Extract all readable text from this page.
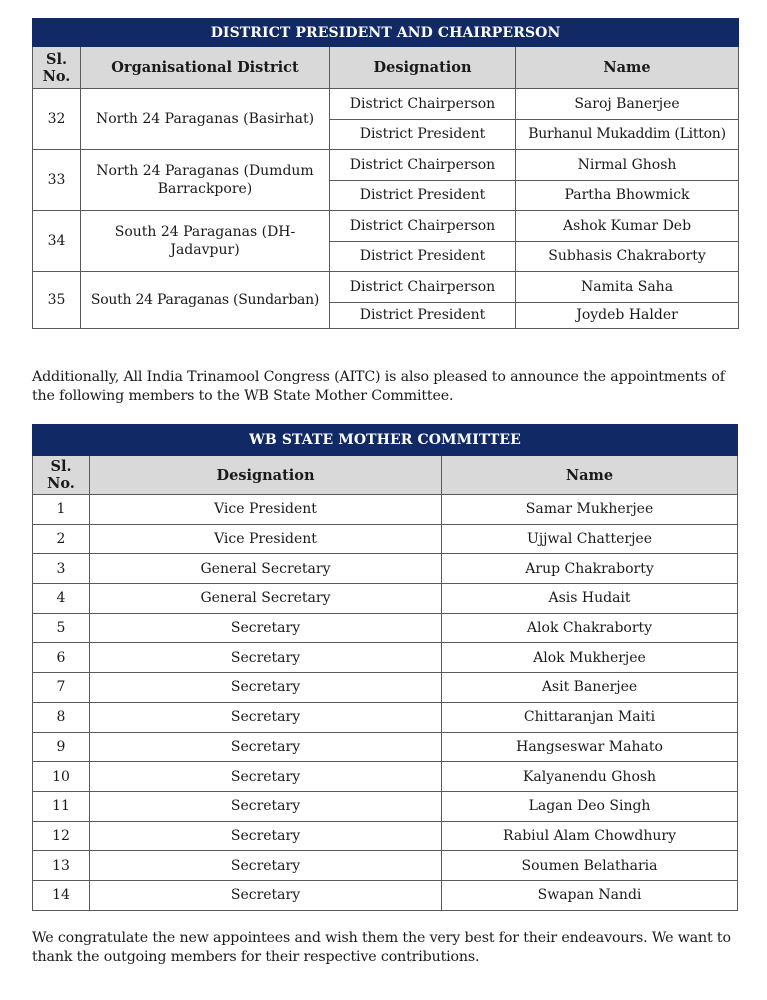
DISTRICT PRESIDENT AND CHAIRPERSON			
Sl. No.	Organisational District	Designation	Name
32	North 24 Paraganas (Basirhat)	District Chairperson	Saroj Banerjee
		District President	Burhanul Mukaddim (Litton)
33	North 24 Paraganas (Dumdum Barrackpore)	District Chairperson	Nirmal Ghosh
		District President	Partha Bhowmick
34	South 24 Paraganas (DH-Jadavpur)	District Chairperson	Ashok Kumar Deb
		District President	Subhasis Chakraborty
35	South 24 Paraganas (Sundarban)	District Chairperson	Namita Saha
		District President	Joydeb Halder

Additionally, All India Trinamool Congress (AITC) is also pleased to announce the appointments of the following members to the WB State Mother Committee.

WB STATE MOTHER COMMITTEE		
Sl. No.	Designation	Name
1	Vice President	Samar Mukherjee
2	Vice President	Ujjwal Chatterjee
3	General Secretary	Arup Chakraborty
4	General Secretary	Asis Hudait
5	Secretary	Alok Chakraborty
6	Secretary	Alok Mukherjee
7	Secretary	Asit Banerjee
8	Secretary	Chittaranjan Maiti
9	Secretary	Hangseswar Mahato
10	Secretary	Kalyanendu Ghosh
11	Secretary	Lagan Deo Singh
12	Secretary	Rabiul Alam Chowdhury
13	Secretary	Soumen Belatharia
14	Secretary	Swapan Nandi

We congratulate the new appointees and wish them the very best for their endeavours. We want to thank the outgoing members for their respective contributions.
